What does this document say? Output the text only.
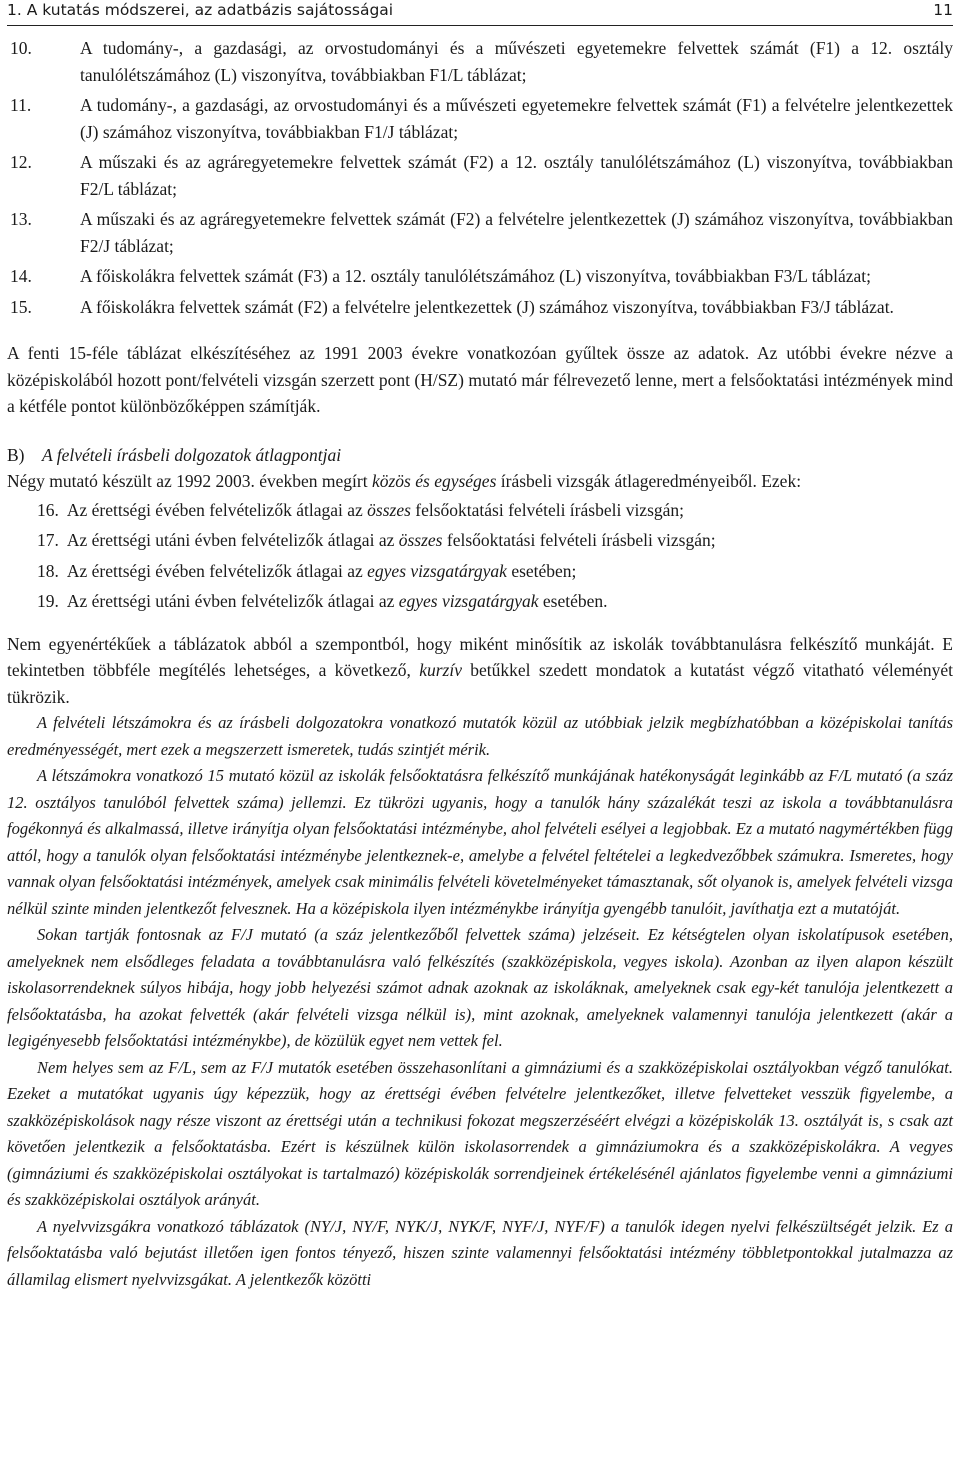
1. A kutatás módszerei, az adatbázis sajátosságai	11
10.	A tudomány-, a gazdasági, az orvostudományi és a művészeti egyetemekre felvettek számát (F1) a 12. osztály tanulólétszámához (L) viszonyítva, továbbiakban F1/L táblázat;
11.	A tudomány-, a gazdasági, az orvostudományi és a művészeti egyetemekre felvettek számát (F1) a felvételre jelentkezettek (J) számához viszonyítva, továbbiakban F1/J táblázat;
12.	A műszaki és az agráregyetemekre felvettek számát (F2) a 12. osztály tanulólétszámához (L) viszonyítva, továbbiakban F2/L táblázat;
13.	A műszaki és az agráregyetemekre felvettek számát (F2) a felvételre jelentkezettek (J) számához viszonyítva, továbbiakban F2/J táblázat;
14.	A főiskolákra felvettek számát (F3) a 12. osztály tanulólétszámához (L) viszonyítva, továbbiakban F3/L táblázat;
15.	A főiskolákra felvettek számát (F2) a felvételre jelentkezettek (J) számához viszonyítva, továbbiakban F3/J táblázat.

A fenti 15-féle táblázat elkészítéséhez az 1991 2003 évekre vonatkozóan gyűltek össze az adatok. Az utóbbi évekre nézve a középiskolából hozott pont/felvételi vizsgán szerzett pont (H/SZ) mutató már félrevezető lenne, mert a felsőoktatási intézmények mind a kétféle pontot különbözőképpen számítják.

B) A felvételi írásbeli dolgozatok átlagpontjai

Négy mutató készült az 1992 2003. években megírt közös és egységes írásbeli vizsgák átlageredményeiből. Ezek:

16. Az érettségi évében felvételizők átlagai az összes felsőoktatási felvételi írásbeli vizsgán;
17. Az érettségi utáni évben felvételizők átlagai az összes felsőoktatási felvételi írásbeli vizsgán;
18. Az érettségi évében felvételizők átlagai az egyes vizsgatárgyak esetében;
19. Az érettségi utáni évben felvételizők átlagai az egyes vizsgatárgyak esetében.

Nem egyenértékűek a táblázatok abból a szempontból, hogy miként minősítik az iskolák továbbtanulásra felkészítő munkáját. E tekintetben többféle megítélés lehetséges, a következő, kurzív betűkkel szedett mondatok a kutatást végző vitatható véleményét tükrözik.

A felvételi létszámokra és az írásbeli dolgozatokra vonatkozó mutatók közül az utóbbiak jelzik megbízhatóbban a középiskolai tanítás eredményességét, mert ezek a megszerzett ismeretek, tudás szintjét mérik.

A létszámokra vonatkozó 15 mutató közül az iskolák felsőoktatásra felkészítő munkájának hatékonyságát leginkább az F/L mutató (a száz 12. osztályos tanulóból felvettek száma) jellemzi. Ez tükrözi ugyanis, hogy a tanulók hány százalékát teszi az iskola a továbbtanulásra fogékonnyá és alkalmassá, illetve irányítja olyan felsőoktatási intézménybe, ahol felvételi esélyei a legjobbak. Ez a mutató nagymértékben függ attól, hogy a tanulók olyan felsőoktatási intézménybe jelentkeznek-e, amelybe a felvétel feltételei a legkedvezőbbek számukra. Ismeretes, hogy vannak olyan felsőoktatási intézmények, amelyek csak minimális felvételi követelményeket támasztanak, sőt olyanok is, amelyek felvételi vizsga nélkül szinte minden jelentkezőt felvesznek. Ha a középiskola ilyen intézménykbe irányítja gyengébb tanulóit, javíthatja ezt a mutatóját.

Sokan tartják fontosnak az F/J mutató (a száz jelentkezőből felvettek száma) jelzéseit. Ez kétségtelen olyan iskolatípusok esetében, amelyeknek nem elsődleges feladata a továbbtanulásra való felkészítés (szakközépiskola, vegyes iskola). Azonban az ilyen alapon készült iskolasorrendeknek súlyos hibája, hogy jobb helyezési számot adnak azoknak az iskoláknak, amelyeknek csak egy-két tanulója jelentkezett a felsőoktatásba, ha azokat felvették (akár felvételi vizsga nélkül is), mint azoknak, amelyeknek valamennyi tanulója jelentkezett (akár a legigényesebb felsőoktatási intézménykbe), de közülük egyet nem vettek fel.

Nem helyes sem az F/L, sem az F/J mutatók esetében összehasonlítani a gimnáziumi és a szakközépiskolai osztályokban végző tanulókat. Ezeket a mutatókat ugyanis úgy képezzük, hogy az érettségi évében felvételre jelentkezőket, illetve felvetteket vesszük figyelembe, a szakközépiskolások nagy része viszont az érettségi után a technikusi fokozat megszerzéséért elvégzi a középiskolák 13. osztályát is, s csak azt követően jelentkezik a felsőoktatásba. Ezért is készülnek külön iskolasorrendek a gimnáziumokra és a szakközépiskolákra. A vegyes (gimnáziumi és szakközépiskolai osztályokat is tartalmazó) középiskolák sorrendjeinek értékelésénél ajánlatos figyelembe venni a gimnáziumi és szakközépiskolai osztályok arányát.

A nyelvvizsgákra vonatkozó táblázatok (NY/J, NY/F, NYK/J, NYK/F, NYF/J, NYF/F) a tanulók idegen nyelvi felkészültségét jelzik. Ez a felsőoktatásba való bejutást illetően igen fontos tényező, hiszen szinte valamennyi felsőoktatási intézmény többletpontokkal jutalmazza az államilag elismert nyelvvizsgákat. A jelentkezők közötti
